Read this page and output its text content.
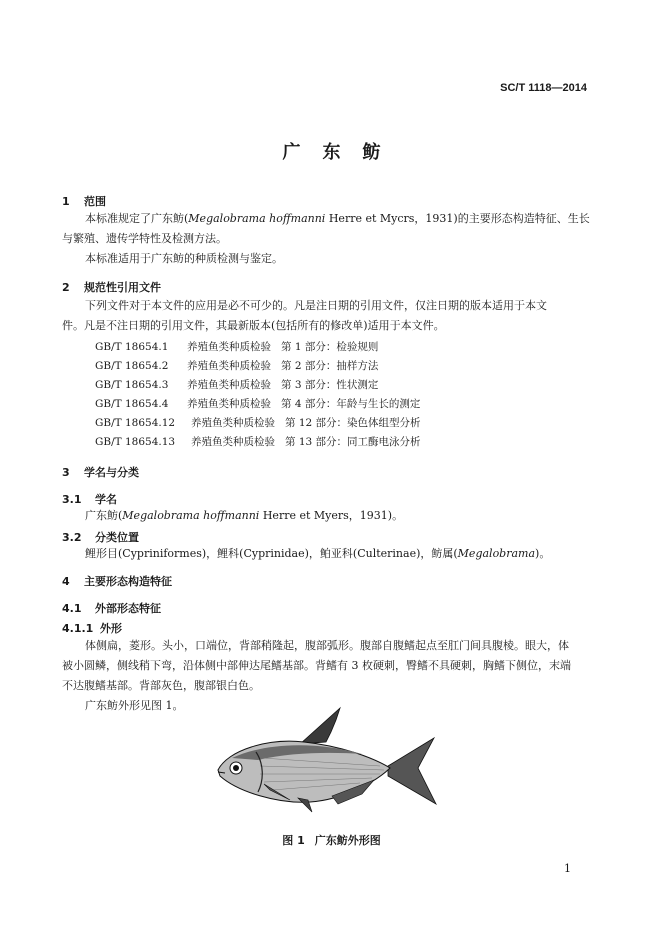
SC/T 1118—2014
广东鲂
1 范围
本标准规定了广东鲂(Megalobrama hoffmanni Herre et Mycrs，1931)的主要形态构造特征、生长
与繁殖、遗传学特性及检测方法。
本标准适用于广东鲂的种质检测与鉴定。
2 规范性引用文件
下列文件对于本文件的应用是必不可少的。凡是注日期的引用文件，仅注日期的版本适用于本文
件。凡是不注日期的引用文件，其最新版本(包括所有的修改单)适用于本文件。
GB/T 18654.1 养殖鱼类种质检验 第 1 部分：检验规则
GB/T 18654.2 养殖鱼类种质检验 第 2 部分：抽样方法
GB/T 18654.3 养殖鱼类种质检验 第 3 部分：性状测定
GB/T 18654.4 养殖鱼类种质检验 第 4 部分：年龄与生长的测定
GB/T 18654.12 养殖鱼类种质检验 第 12 部分：染色体组型分析
GB/T 18654.13 养殖鱼类种质检验 第 13 部分：同工酶电泳分析
3 学名与分类
3.1 学名
广东鲂(Megalobrama hoffmanni Herre et Myers，1931)。
3.2 分类位置
鲤形目(Cypriniformes)，鲤科(Cyprinidae)，鲌亚科(Culterinae)，鲂属(Megalobrama)。
4 主要形态构造特征
4.1 外部形态特征
4.1.1 外形
体侧扁，菱形。头小，口端位，背部稍隆起，腹部弧形。腹部自腹鳍起点至肛门间具腹棱。眼大，体
被小圆鳞，侧线稍下弯，沿体侧中部伸达尾鳍基部。背鳍有 3 枚硬刺，臀鳍不具硬刺，胸鳍下侧位，末端
不达腹鳍基部。背部灰色，腹部银白色。
广东鲂外形见图 1。
图 1 广东鲂外形图
1
